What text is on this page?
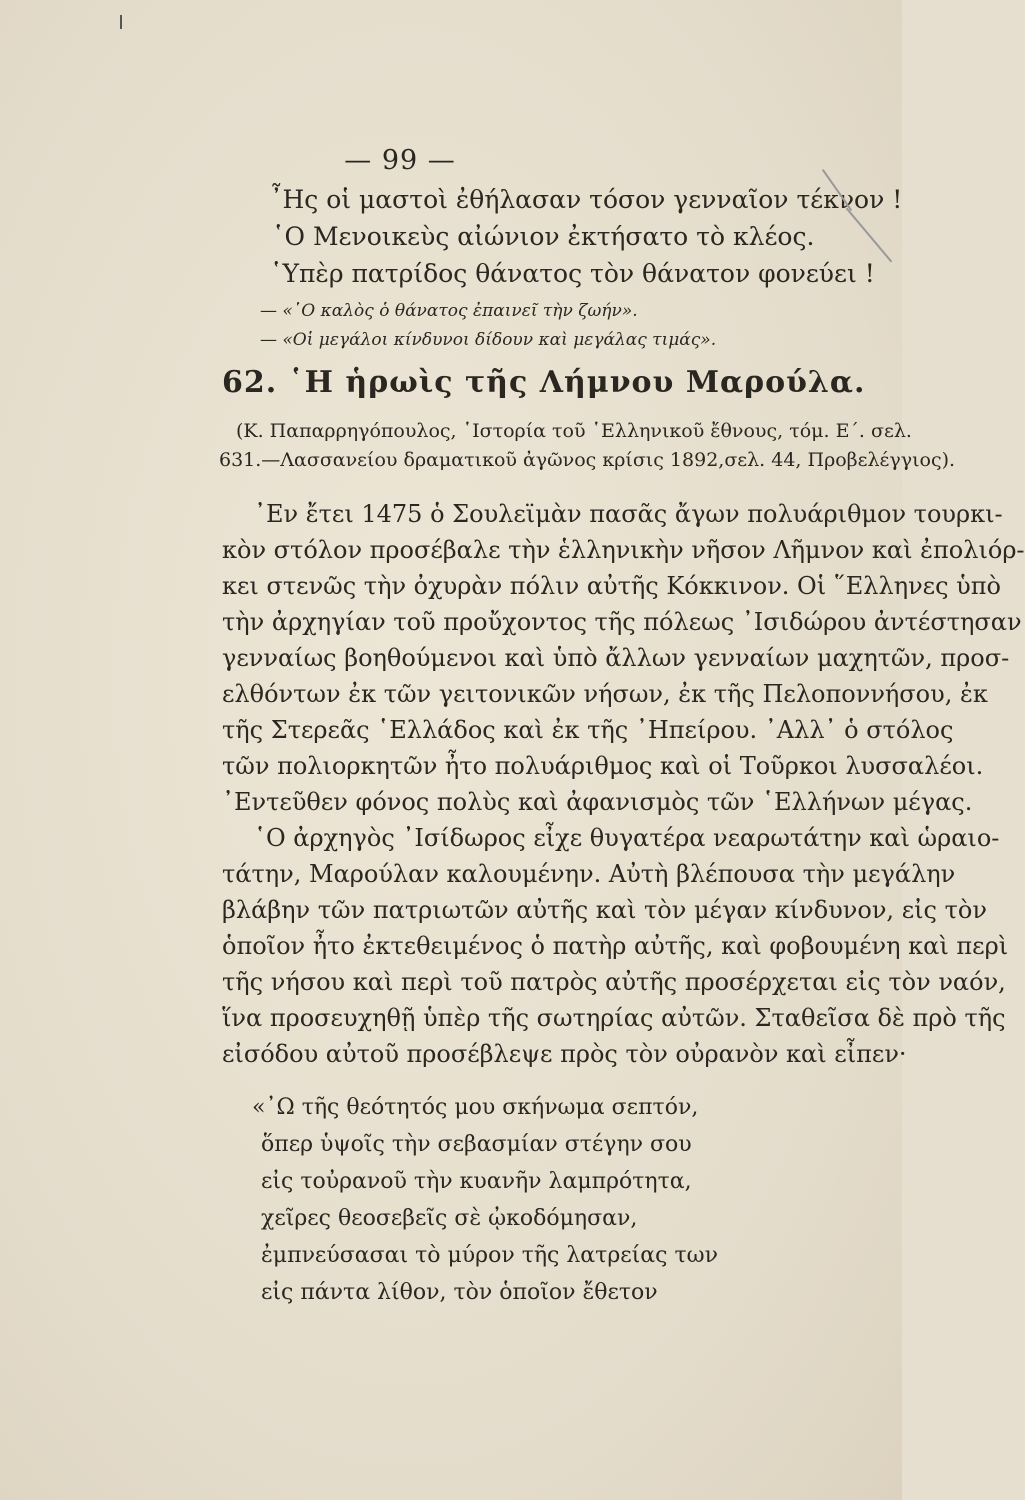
— 99 —
῏Ης οἱ μαστοὶ ἐθήλασαν τόσον γενναῖον τέκνον !
῾Ο Μενοικεὺς αἰώνιον ἐκτήσατο τὸ κλέος.
῾Υπὲρ πατρίδος θάνατος τὸν θάνατον φονεύει !
— «῾Ο καλὸς ὁ θάνατος ἐπαινεῖ τὴν ζωήν».
— «Οἱ μεγάλοι κίνδυνοι δίδουν καὶ μεγάλας τιμάς».
62. ῾Η ἡρωὶς τῆς Λήμνου Μαρούλα.
(Κ. Παπαρρηγόπουλος, ῾Ιστορία τοῦ ῾Ελληνικοῦ ἔθνους, τόμ. Ε΄. σελ.
631.—Λασσανείου δραματικοῦ ἀγῶνος κρίσις 1892,σελ. 44, Προβελέγγιος).
᾿Εν ἔτει 1475 ὁ Σουλεϊμὰν πασᾶς ἄγων πολυάριθμον τουρκι-
κὸν στόλον προσέβαλε τὴν ἑλληνικὴν νῆσον Λῆμνον καὶ ἐπολιόρ-
κει στενῶς τὴν ὀχυρὰν πόλιν αὐτῆς Κόκκινον. Οἱ ῞Ελληνες ὑπὸ
τὴν ἀρχηγίαν τοῦ προὔχοντος τῆς πόλεως ᾿Ισιδώρου ἀντέστησαν
γενναίως βοηθούμενοι καὶ ὑπὸ ἄλλων γενναίων μαχητῶν, προσ-
ελθόντων ἐκ τῶν γειτονικῶν νήσων, ἐκ τῆς Πελοποννήσου, ἐκ
τῆς Στερεᾶς ῾Ελλάδος καὶ ἐκ τῆς ᾿Ηπείρου. ᾿Αλλ᾿ ὁ στόλος
τῶν πολιορκητῶν ἦτο πολυάριθμος καὶ οἱ Τοῦρκοι λυσσαλέοι.
᾿Εντεῦθεν φόνος πολὺς καὶ ἀφανισμὸς τῶν ῾Ελλήνων μέγας.
῾Ο ἀρχηγὸς ᾿Ισίδωρος εἶχε θυγατέρα νεαρωτάτην καὶ ὡραιο-
τάτην, Μαρούλαν καλουμένην. Αὐτὴ βλέπουσα τὴν μεγάλην
βλάβην τῶν πατριωτῶν αὐτῆς καὶ τὸν μέγαν κίνδυνον, εἰς τὸν
ὁποῖον ἦτο ἐκτεθειμένος ὁ πατὴρ αὐτῆς, καὶ φοβουμένη καὶ περὶ
τῆς νήσου καὶ περὶ τοῦ πατρὸς αὐτῆς προσέρχεται εἰς τὸν ναόν,
ἵνα προσευχηθῇ ὑπὲρ τῆς σωτηρίας αὐτῶν. Σταθεῖσα δὲ πρὸ τῆς
εἰσόδου αὐτοῦ προσέβλεψε πρὸς τὸν οὐρανὸν καὶ εἶπεν·
«᾿Ω τῆς θεότητός μου σκήνωμα σεπτόν,
ὅπερ ὑψοῖς τὴν σεβασμίαν στέγην σου
εἰς τοὐρανοῦ τὴν κυανῆν λαμπρότητα,
χεῖρες θεοσεβεῖς σὲ ᾠκοδόμησαν,
ἐμπνεύσασαι τὸ μύρον τῆς λατρείας των
εἰς πάντα λίθον, τὸν ὁποῖον ἔθετον
